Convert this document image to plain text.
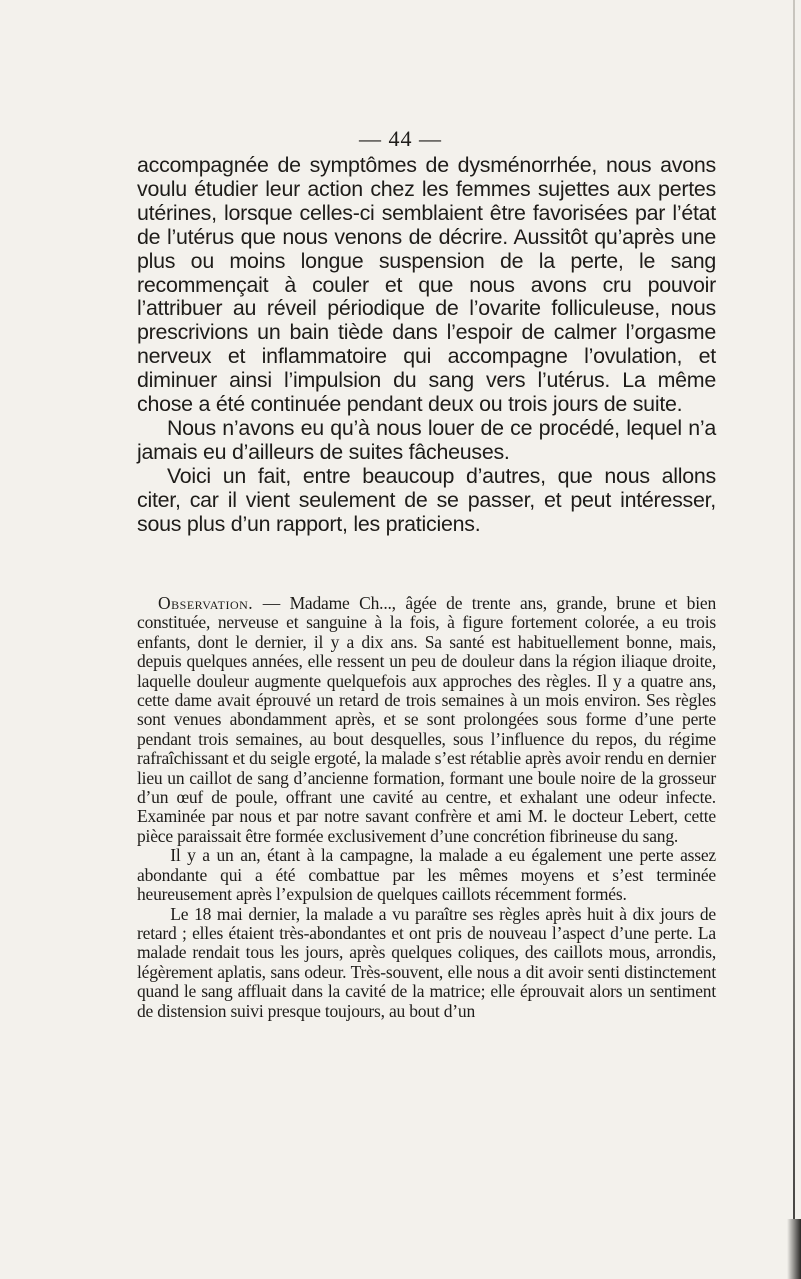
— 44 —

accompagnée de symptômes de dysménorrhée, nous avons voulu étudier leur action chez les femmes sujettes aux pertes utérines, lorsque celles-ci semblaient être favorisées par l’état de l’utérus que nous venons de décrire. Aussitôt qu’après une plus ou moins longue suspension de la perte, le sang recommençait à couler et que nous avons cru pouvoir l’attribuer au réveil périodique de l’ovarite folliculeuse, nous prescrivions un bain tiède dans l’espoir de calmer l’orgasme nerveux et inflammatoire qui accompagne l’ovulation, et diminuer ainsi l’impulsion du sang vers l’utérus. La même chose a été continuée pendant deux ou trois jours de suite.

Nous n’avons eu qu’à nous louer de ce procédé, lequel n’a jamais eu d’ailleurs de suites fâcheuses.

Voici un fait, entre beaucoup d’autres, que nous allons citer, car il vient seulement de se passer, et peut intéresser, sous plus d’un rapport, les praticiens.

Observation. — Madame Ch..., âgée de trente ans, grande, brune et bien constituée, nerveuse et sanguine à la fois, à figure fortement colorée, a eu trois enfants, dont le dernier, il y a dix ans. Sa santé est habituellement bonne, mais, depuis quelques années, elle ressent un peu de douleur dans la région iliaque droite, laquelle douleur augmente quelquefois aux approches des règles. Il y a quatre ans, cette dame avait éprouvé un retard de trois semaines à un mois environ. Ses règles sont venues abondamment après, et se sont prolongées sous forme d’une perte pendant trois semaines, au bout desquelles, sous l’influence du repos, du régime rafraîchissant et du seigle ergoté, la malade s’est rétablie après avoir rendu en dernier lieu un caillot de sang d’ancienne formation, formant une boule noire de la grosseur d’un œuf de poule, offrant une cavité au centre, et exhalant une odeur infecte. Examinée par nous et par notre savant confrère et ami M. le docteur Lebert, cette pièce paraissait être formée exclusivement d’une concrétion fibrineuse du sang.

Il y a un an, étant à la campagne, la malade a eu également une perte assez abondante qui a été combattue par les mêmes moyens et s’est terminée heureusement après l’expulsion de quelques caillots récemment formés.

Le 18 mai dernier, la malade a vu paraître ses règles après huit à dix jours de retard ; elles étaient très-abondantes et ont pris de nouveau l’aspect d’une perte. La malade rendait tous les jours, après quelques coliques, des caillots mous, arrondis, légèrement aplatis, sans odeur. Très-souvent, elle nous a dit avoir senti distinctement quand le sang affluait dans la cavité de la matrice; elle éprouvait alors un sentiment de distension suivi presque toujours, au bout d’un
